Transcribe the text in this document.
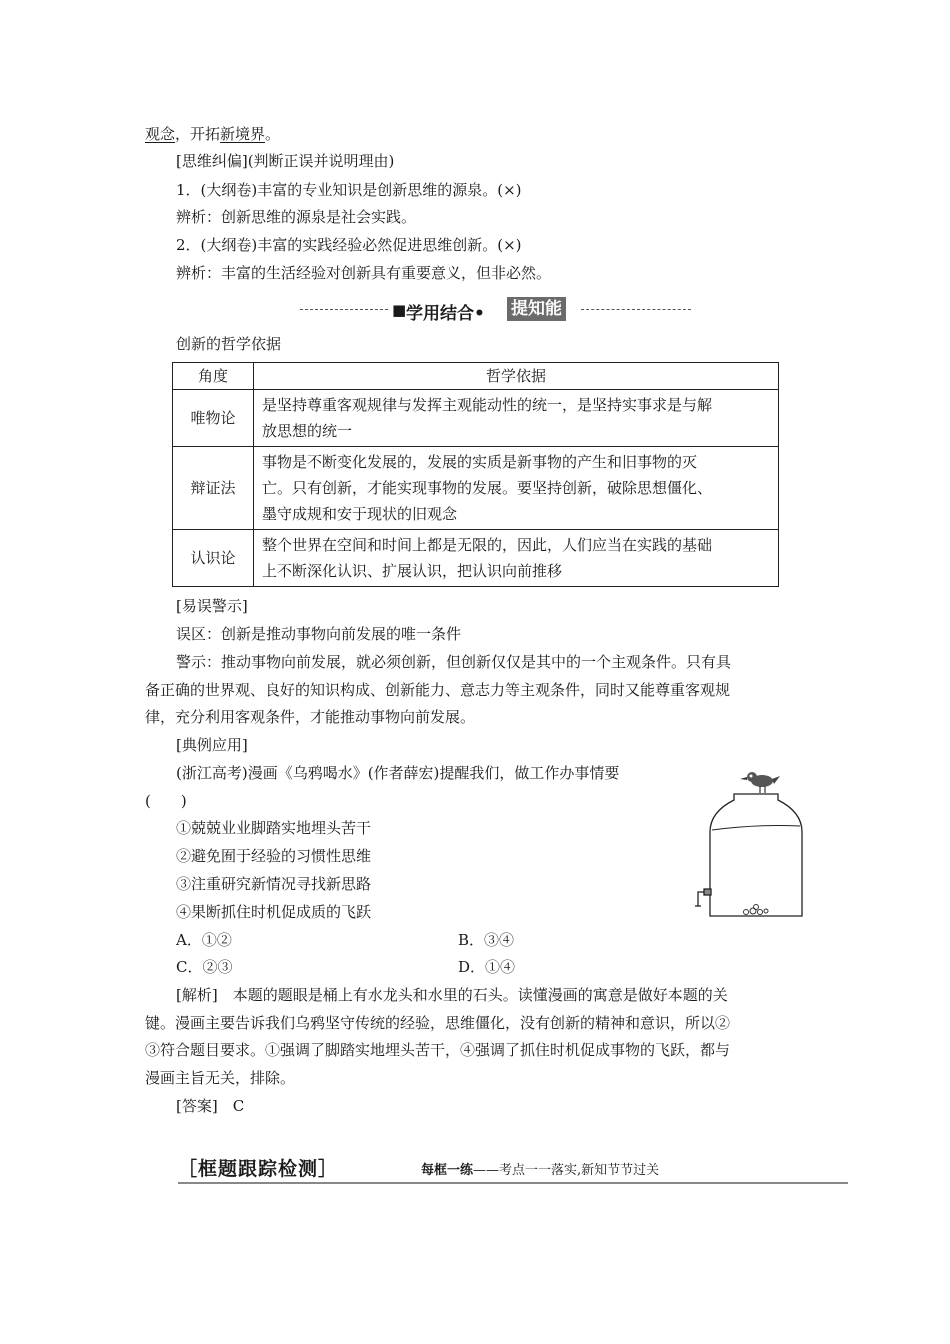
观念，开拓新境界。
[思维纠偏](判断正误并说明理由)
1．(大纲卷)丰富的专业知识是创新思维的源泉。(×)
辨析：创新思维的源泉是社会实践。
2．(大纲卷)丰富的实践经验必然促进思维创新。(×)
辨析：丰富的生活经验对创新具有重要意义，但非必然。
■ 学用结合• 提知能
创新的哲学依据
角度	哲学依据
唯物论	是坚持尊重客观规律与发挥主观能动性的统一，是坚持实事求是与解
放思想的统一

辩证法	事物是不断变化发展的，发展的实质是新事物的产生和旧事物的灭
亡。只有创新，才能实现事物的发展。要坚持创新，破除思想僵化、
墨守成规和安于现状的旧观念

认识论	整个世界在空间和时间上都是无限的，因此，人们应当在实践的基础
上不断深化认识、扩展认识，把认识向前推移
[易误警示]
误区：创新是推动事物向前发展的唯一条件
警示：推动事物向前发展，就必须创新，但创新仅仅是其中的一个主观条件。只有具
备正确的世界观、良好的知识构成、创新能力、意志力等主观条件，同时又能尊重客观规
律，充分利用客观条件，才能推动事物向前发展。
[典例应用]
(浙江高考)漫画《乌鸦喝水》(作者薛宏)提醒我们，做工作办事情要
(　　)
①兢兢业业脚踏实地埋头苦干
②避免囿于经验的习惯性思维
③注重研究新情况寻找新思路
④果断抓住时机促成质的飞跃
A．①②	B．③④
C．②③	D．①④
[解析]　本题的题眼是桶上有水龙头和水里的石头。读懂漫画的寓意是做好本题的关
键。漫画主要告诉我们乌鸦坚守传统的经验，思维僵化，没有创新的精神和意识，所以②
③符合题目要求。①强调了脚踏实地埋头苦干，④强调了抓住时机促成事物的飞跃，都与
漫画主旨无关，排除。
[答案]　C
［框题跟踪检测］	每框一练——考点一一落实,新知节节过关
